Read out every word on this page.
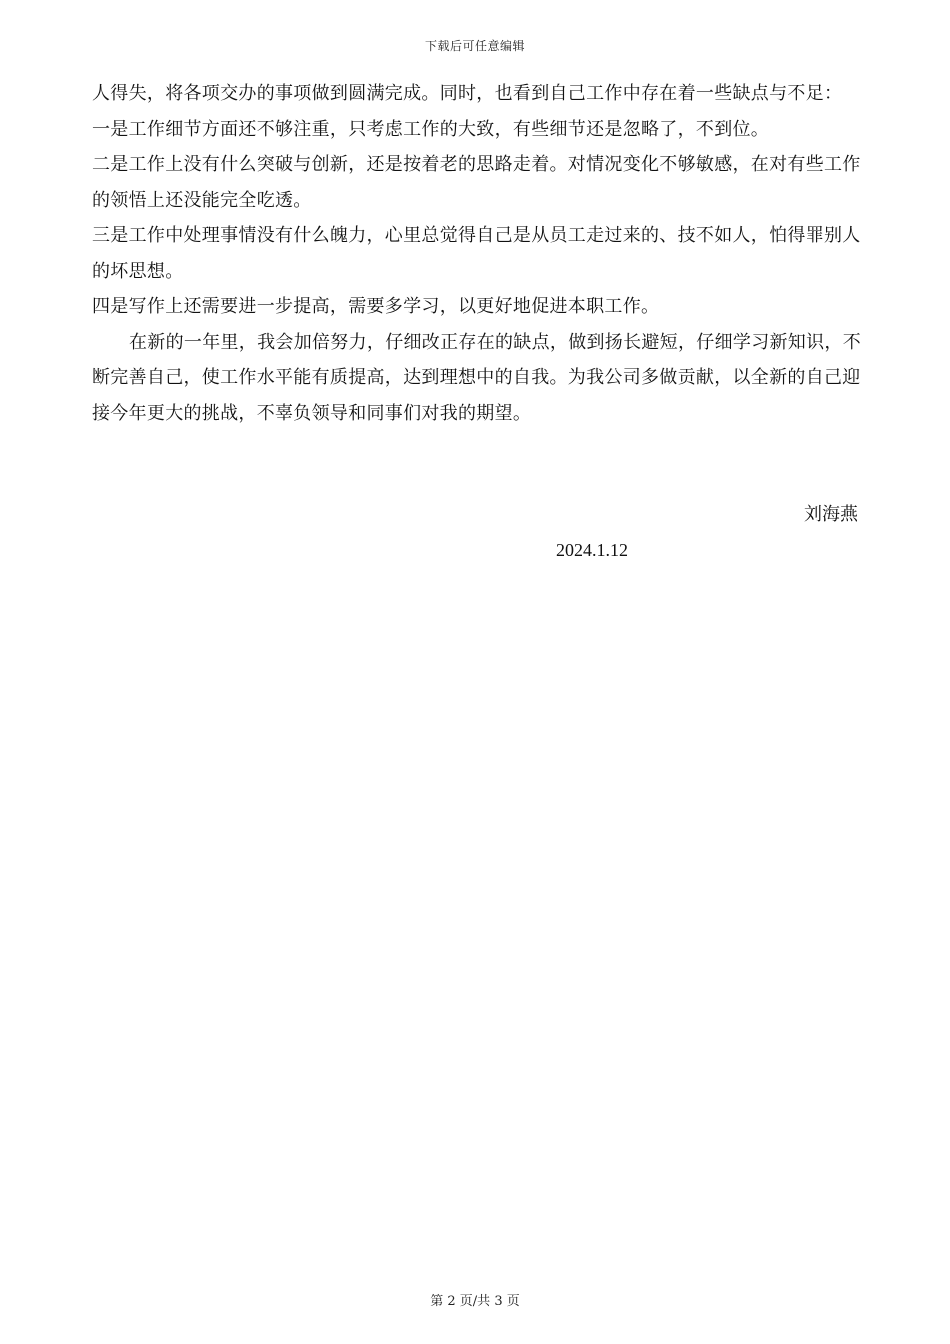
下载后可任意编辑

人得失，将各项交办的事项做到圆满完成。同时，也看到自己工作中存在着一些缺点与不足：

一是工作细节方面还不够注重，只考虑工作的大致，有些细节还是忽略了，不到位。

二是工作上没有什么突破与创新，还是按着老的思路走着。对情况变化不够敏感，在对有些工作的领悟上还没能完全吃透。

三是工作中处理事情没有什么魄力，心里总觉得自己是从员工走过来的、技不如人，怕得罪别人的坏思想。

四是写作上还需要进一步提高，需要多学习，以更好地促进本职工作。

在新的一年里，我会加倍努力，仔细改正存在的缺点，做到扬长避短，仔细学习新知识，不断完善自己，使工作水平能有质提高，达到理想中的自我。为我公司多做贡献，以全新的自己迎接今年更大的挑战，不辜负领导和同事们对我的期望。

刘海燕
2024.1.12
第 2 页/共 3 页
